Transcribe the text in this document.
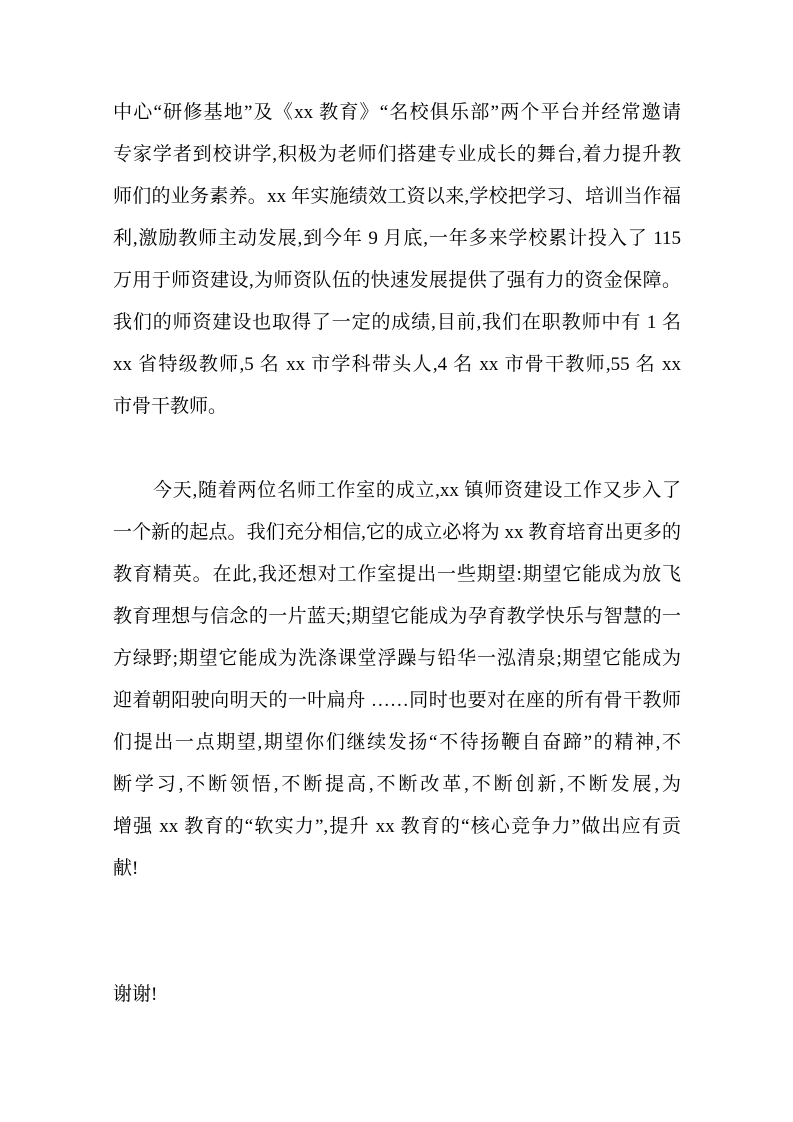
中心“研修基地”及《xx 教育》“名校俱乐部”两个平台并经常邀请
专家学者到校讲学,积极为老师们搭建专业成长的舞台,着力提升教
师们的业务素养。xx 年实施绩效工资以来,学校把学习、培训当作福
利,激励教师主动发展,到今年 9 月底,一年多来学校累计投入了 115
万用于师资建设,为师资队伍的快速发展提供了强有力的资金保障。
我们的师资建设也取得了一定的成绩,目前,我们在职教师中有 1 名
xx 省特级教师,5 名 xx 市学科带头人,4 名 xx 市骨干教师,55 名 xx
市骨干教师。
今天,随着两位名师工作室的成立,xx 镇师资建设工作又步入了
一个新的起点。我们充分相信,它的成立必将为 xx 教育培育出更多的
教育精英。在此,我还想对工作室提出一些期望:期望它能成为放飞
教育理想与信念的一片蓝天;期望它能成为孕育教学快乐与智慧的一
方绿野;期望它能成为洗涤课堂浮躁与铅华一泓清泉;期望它能成为
迎着朝阳驶向明天的一叶扁舟 ……同时也要对在座的所有骨干教师
们提出一点期望,期望你们继续发扬“不待扬鞭自奋蹄”的精神,不
断学习,不断领悟,不断提高,不断改革,不断创新,不断发展,为
增强 xx 教育的“软实力”,提升 xx 教育的“核心竞争力”做出应有贡
献!
谢谢!
